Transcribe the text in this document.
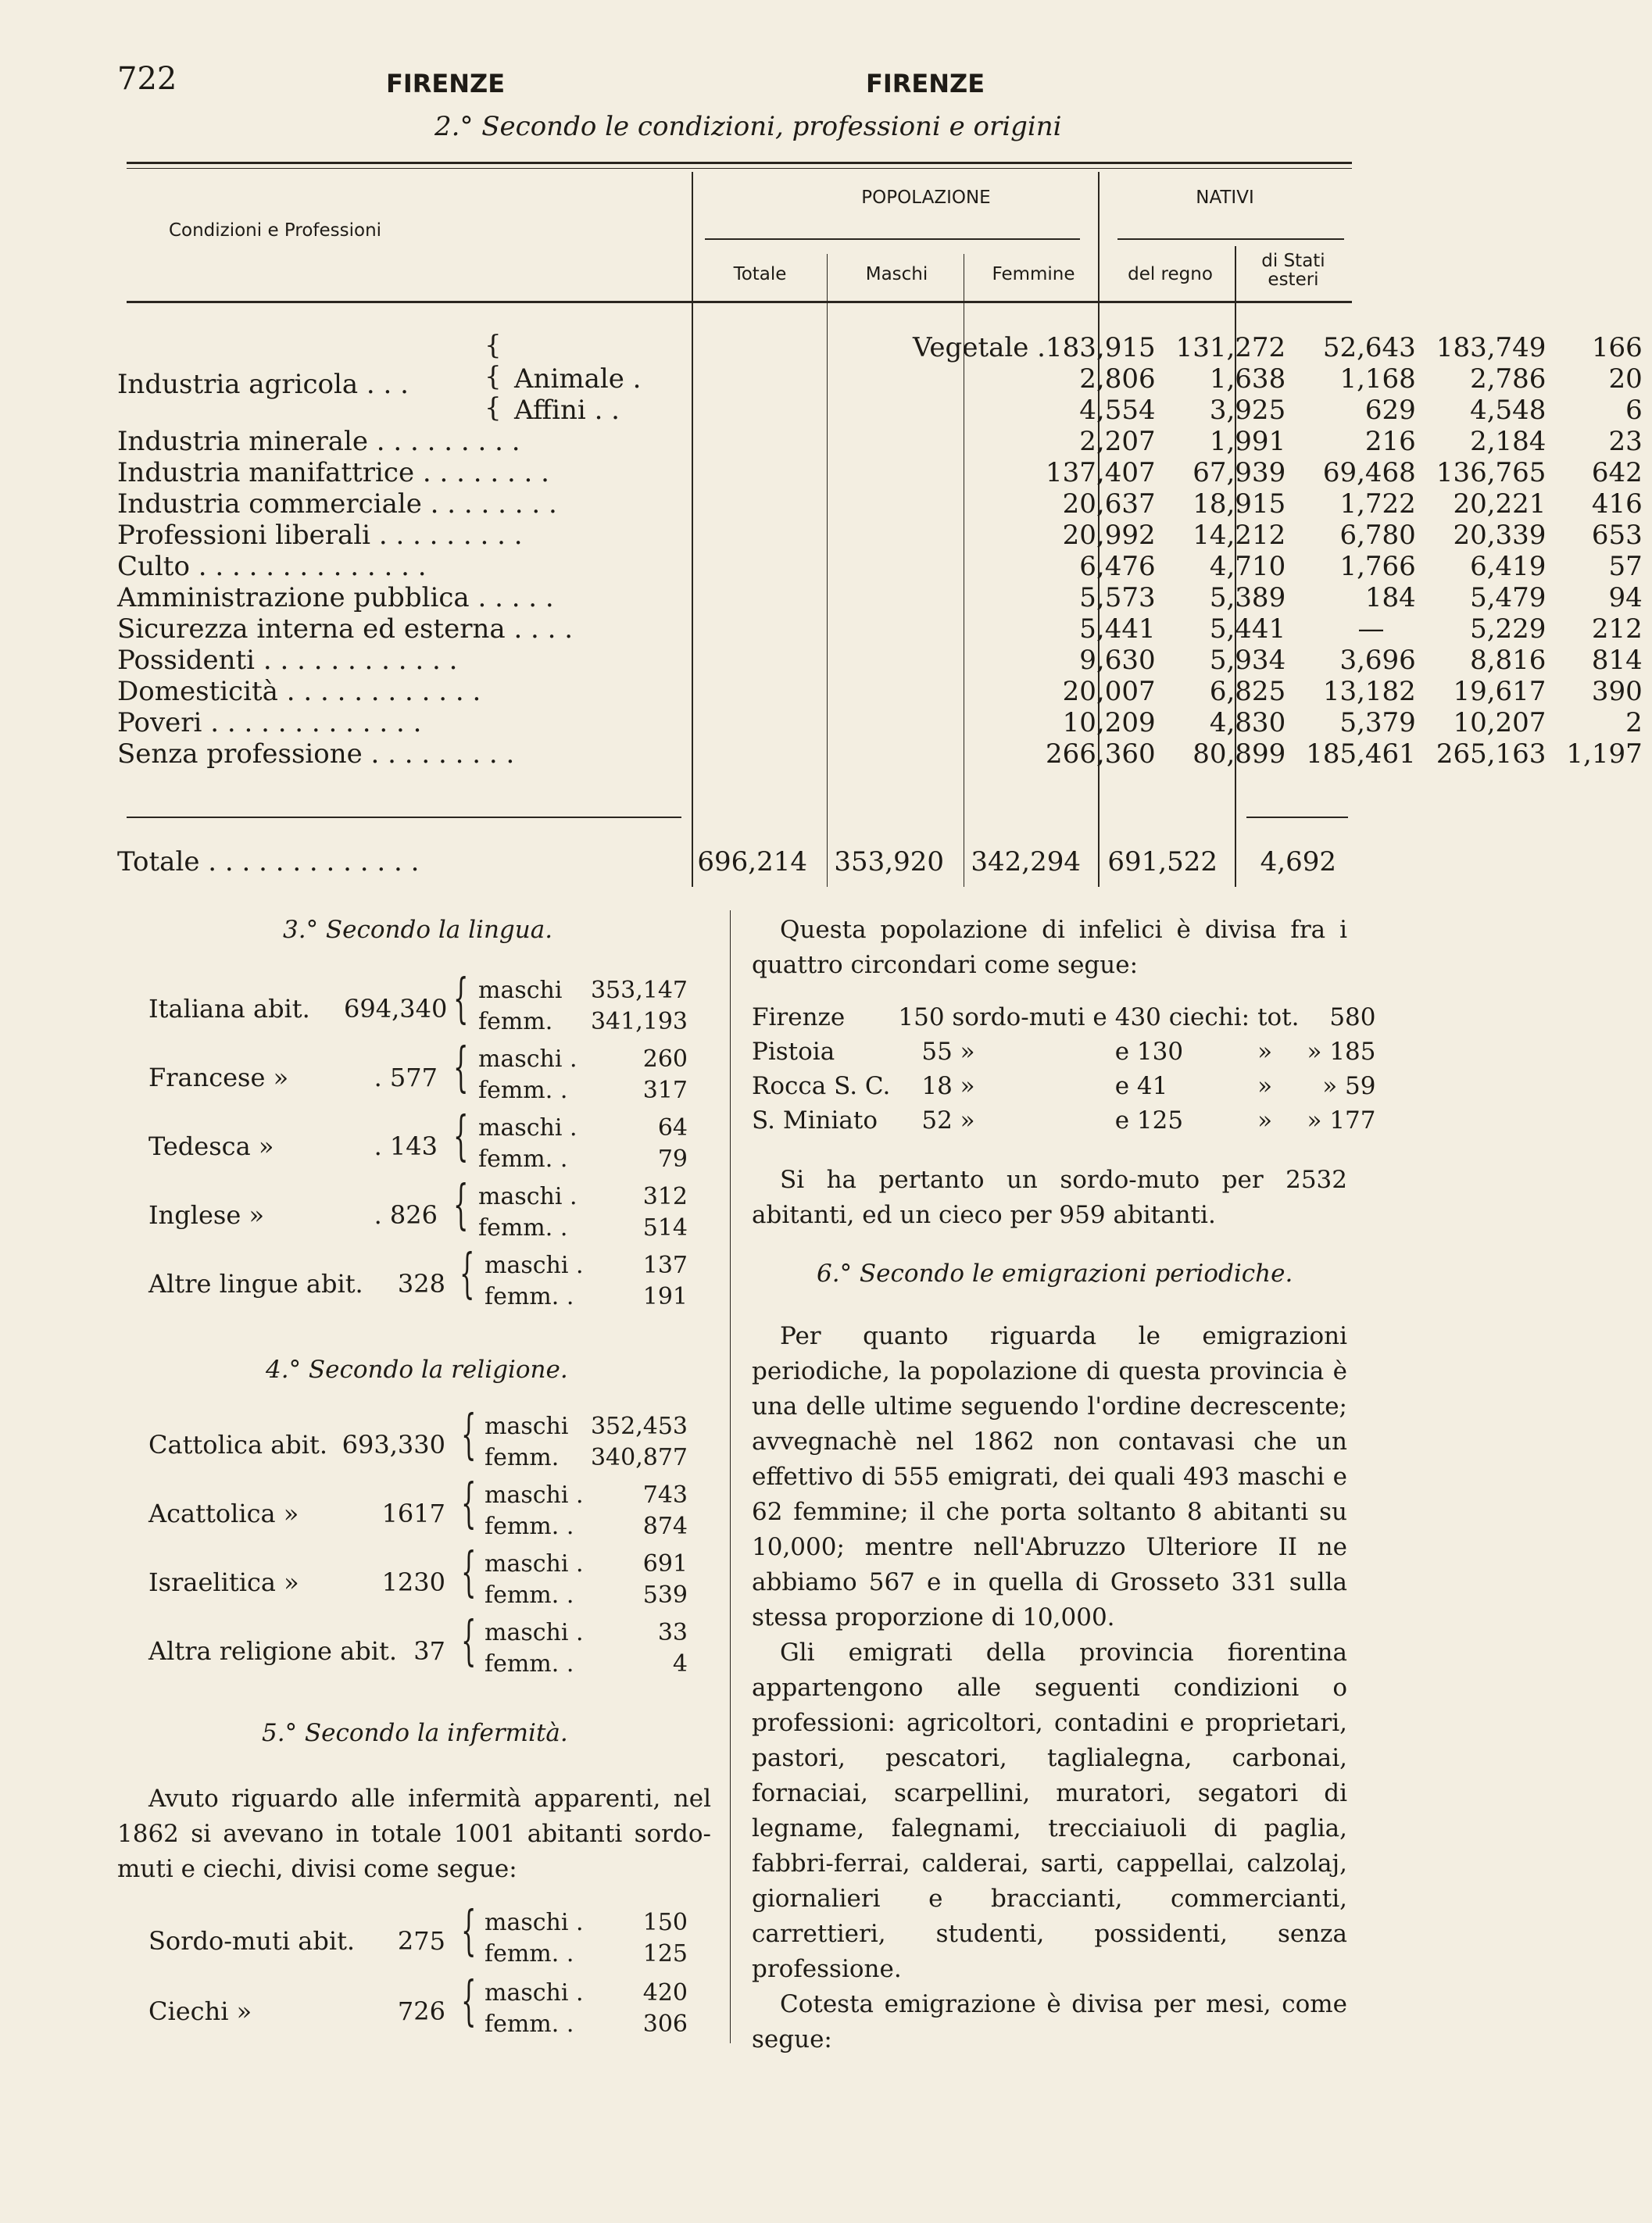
722	FIRENZE	FIRENZE
2.° Secondo le condizioni, professioni e origini
Condizioni e Professioni
POPOLAZIONE	NATIVI
Totale	Maschi	Femmine	del regno
di Stati esteri
Industria agricola . . .
{
{
{
Vegetale .	183,915	131,272	52,643	183,749	166
Animale .	2,806	1,638	1,168	2,786	20
Affini . .	4,554	3,925	629	4,548	6
Industria minerale . . . . . . . . .	2,207	1,991	216	2,184	23
Industria manifattrice . . . . . . . .	137,407	67,939	69,468	136,765	642
Industria commerciale . . . . . . . .	20,637	18,915	1,722	20,221	416
Professioni liberali . . . . . . . . .	20,992	14,212	6,780	20,339	653
Culto . . . . . . . . . . . . . .	6,476	4,710	1,766	6,419	57
Amministrazione pubblica . . . . .	5,573	5,389	184	5,479	94
Sicurezza interna ed esterna . . . .	5,441	5,441	—	5,229	212
Possidenti . . . . . . . . . . . .	9,630	5,934	3,696	8,816	814
Domesticità . . . . . . . . . . . .	20,007	6,825	13,182	19,617	390
Poveri . . . . . . . . . . . . .	10,209	4,830	5,379	10,207	2
Senza professione . . . . . . . . .	266,360	80,899	185,461	265,163	1,197
Totale . . . . . . . . . . . . .	696,214 353,920 342,294 691,522	4,692
3.° Secondo la lingua.
Italiana abit. 694,340 { maschi	353,147
femm.	341,193
Francese »	. 577 { maschi .	260
femm. .	317
Tedesca »	. 143 { maschi .	64
femm. .	79
Inglese »	. 826 { maschi .	312
femm. .	514
Altre lingue abit.	328 { maschi .	137
femm. .	191
4.° Secondo la religione.
Cattolica abit. 693,330 { maschi 352,453
femm.	340,877
Acattolica »	1617 { maschi .	743
femm. .	874
Israelitica »	1230 { maschi .	691
femm. .	539
Altra religione abit. 37 { maschi .	33
femm. .	4
5.° Secondo la infermità.
Avuto riguardo alle infermità apparenti, nel 1862 si avevano in totale 1001 abitanti sordo-muti e ciechi, divisi come segue:
Sordo-muti abit.	275 { maschi .	150
femm. .	125
Ciechi »	726 { maschi .	420
femm. .	306
Questa popolazione di infelici è divisa fra i quattro circondari come segue:
Firenze	150 sordo-muti e	430 ciechi:	tot.	580
Pistoia	55 »	e 130	»	» 185
Rocca S. C.	18 »	e 41	»	» 59
S. Miniato	52 »	e 125	»	» 177
Si ha pertanto un sordo-muto per 2532 abitanti, ed un cieco per 959 abitanti.
6.° Secondo le emigrazioni periodiche.
Per quanto riguarda le emigrazioni periodiche, la popolazione di questa provincia è una delle ultime seguendo l'ordine decrescente; avvegnachè nel 1862 non contavasi che un effettivo di 555 emigrati, dei quali 493 maschi e 62 femmine; il che porta soltanto 8 abitanti su 10,000; mentre nell'Abruzzo Ulteriore II ne abbiamo 567 e in quella di Grosseto 331 sulla stessa proporzione di 10,000.
Gli emigrati della provincia fiorentina appartengono alle seguenti condizioni o professioni: agricoltori, contadini e proprietari, pastori, pescatori, taglialegna, carbonai, fornaciai, scarpellini, muratori, segatori di legname, falegnami, trecciaiuoli di paglia, fabbri-ferrai, calderai, sarti, cappellai, calzolaj, giornalieri e braccianti, commercianti, carrettieri, studenti, possidenti, senza professione.
Cotesta emigrazione è divisa per mesi, come segue:
